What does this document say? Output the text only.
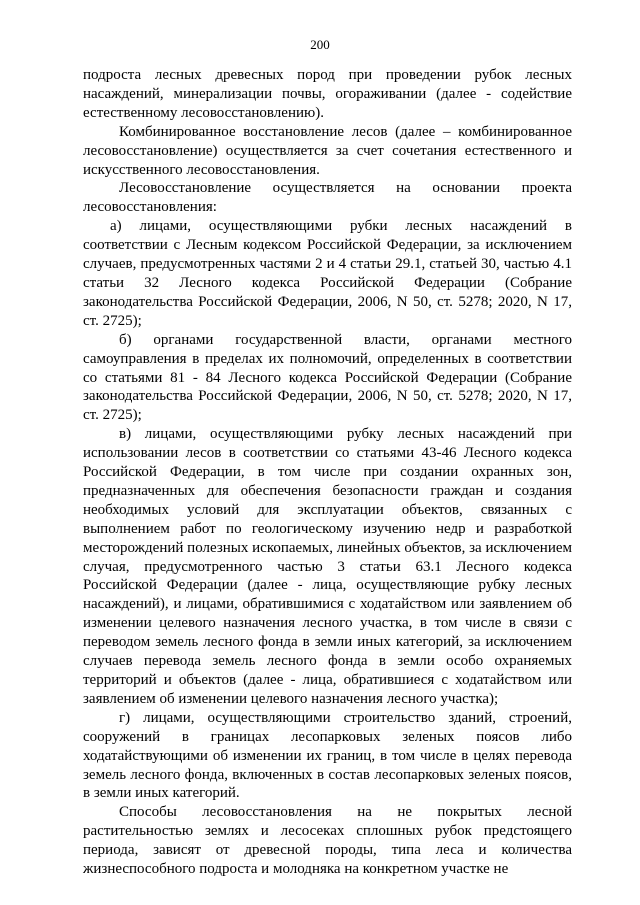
200

подроста лесных древесных пород при проведении рубок лесных насаждений, минерализации почвы, огораживании (далее - содействие естественному лесовосстановлению).

Комбинированное восстановление лесов (далее – комбинированное лесовосстановление) осуществляется за счет сочетания естественного и искусственного лесовосстановления.

Лесовосстановление осуществляется на основании проекта лесовосстановления:

а) лицами, осуществляющими рубки лесных насаждений в соответствии с Лесным кодексом Российской Федерации, за исключением случаев, предусмотренных частями 2 и 4 статьи 29.1, статьей 30, частью 4.1 статьи 32 Лесного кодекса Российской Федерации (Собрание законодательства Российской Федерации, 2006, N 50, ст. 5278; 2020, N 17, ст. 2725);

б) органами государственной власти, органами местного самоуправления в пределах их полномочий, определенных в соответствии со статьями 81 - 84 Лесного кодекса Российской Федерации (Собрание законодательства Российской Федерации, 2006, N 50, ст. 5278; 2020, N 17, ст. 2725);

в) лицами, осуществляющими рубку лесных насаждений при использовании лесов в соответствии со статьями 43-46 Лесного кодекса Российской Федерации, в том числе при создании охранных зон, предназначенных для обеспечения безопасности граждан и создания необходимых условий для эксплуатации объектов, связанных с выполнением работ по геологическому изучению недр и разработкой месторождений полезных ископаемых, линейных объектов, за исключением случая, предусмотренного частью 3 статьи 63.1 Лесного кодекса Российской Федерации (далее - лица, осуществляющие рубку лесных насаждений), и лицами, обратившимися с ходатайством или заявлением об изменении целевого назначения лесного участка, в том числе в связи с переводом земель лесного фонда в земли иных категорий, за исключением случаев перевода земель лесного фонда в земли особо охраняемых территорий и объектов (далее - лица, обратившиеся с ходатайством или заявлением об изменении целевого назначения лесного участка);

г) лицами, осуществляющими строительство зданий, строений, сооружений в границах лесопарковых зеленых поясов либо ходатайствующими об изменении их границ, в том числе в целях перевода земель лесного фонда, включенных в состав лесопарковых зеленых поясов, в земли иных категорий.

Способы лесовосстановления на не покрытых лесной растительностью землях и лесосеках сплошных рубок предстоящего периода, зависят от древесной породы, типа леса и количества жизнеспособного подроста и молодняка на конкретном участке не
